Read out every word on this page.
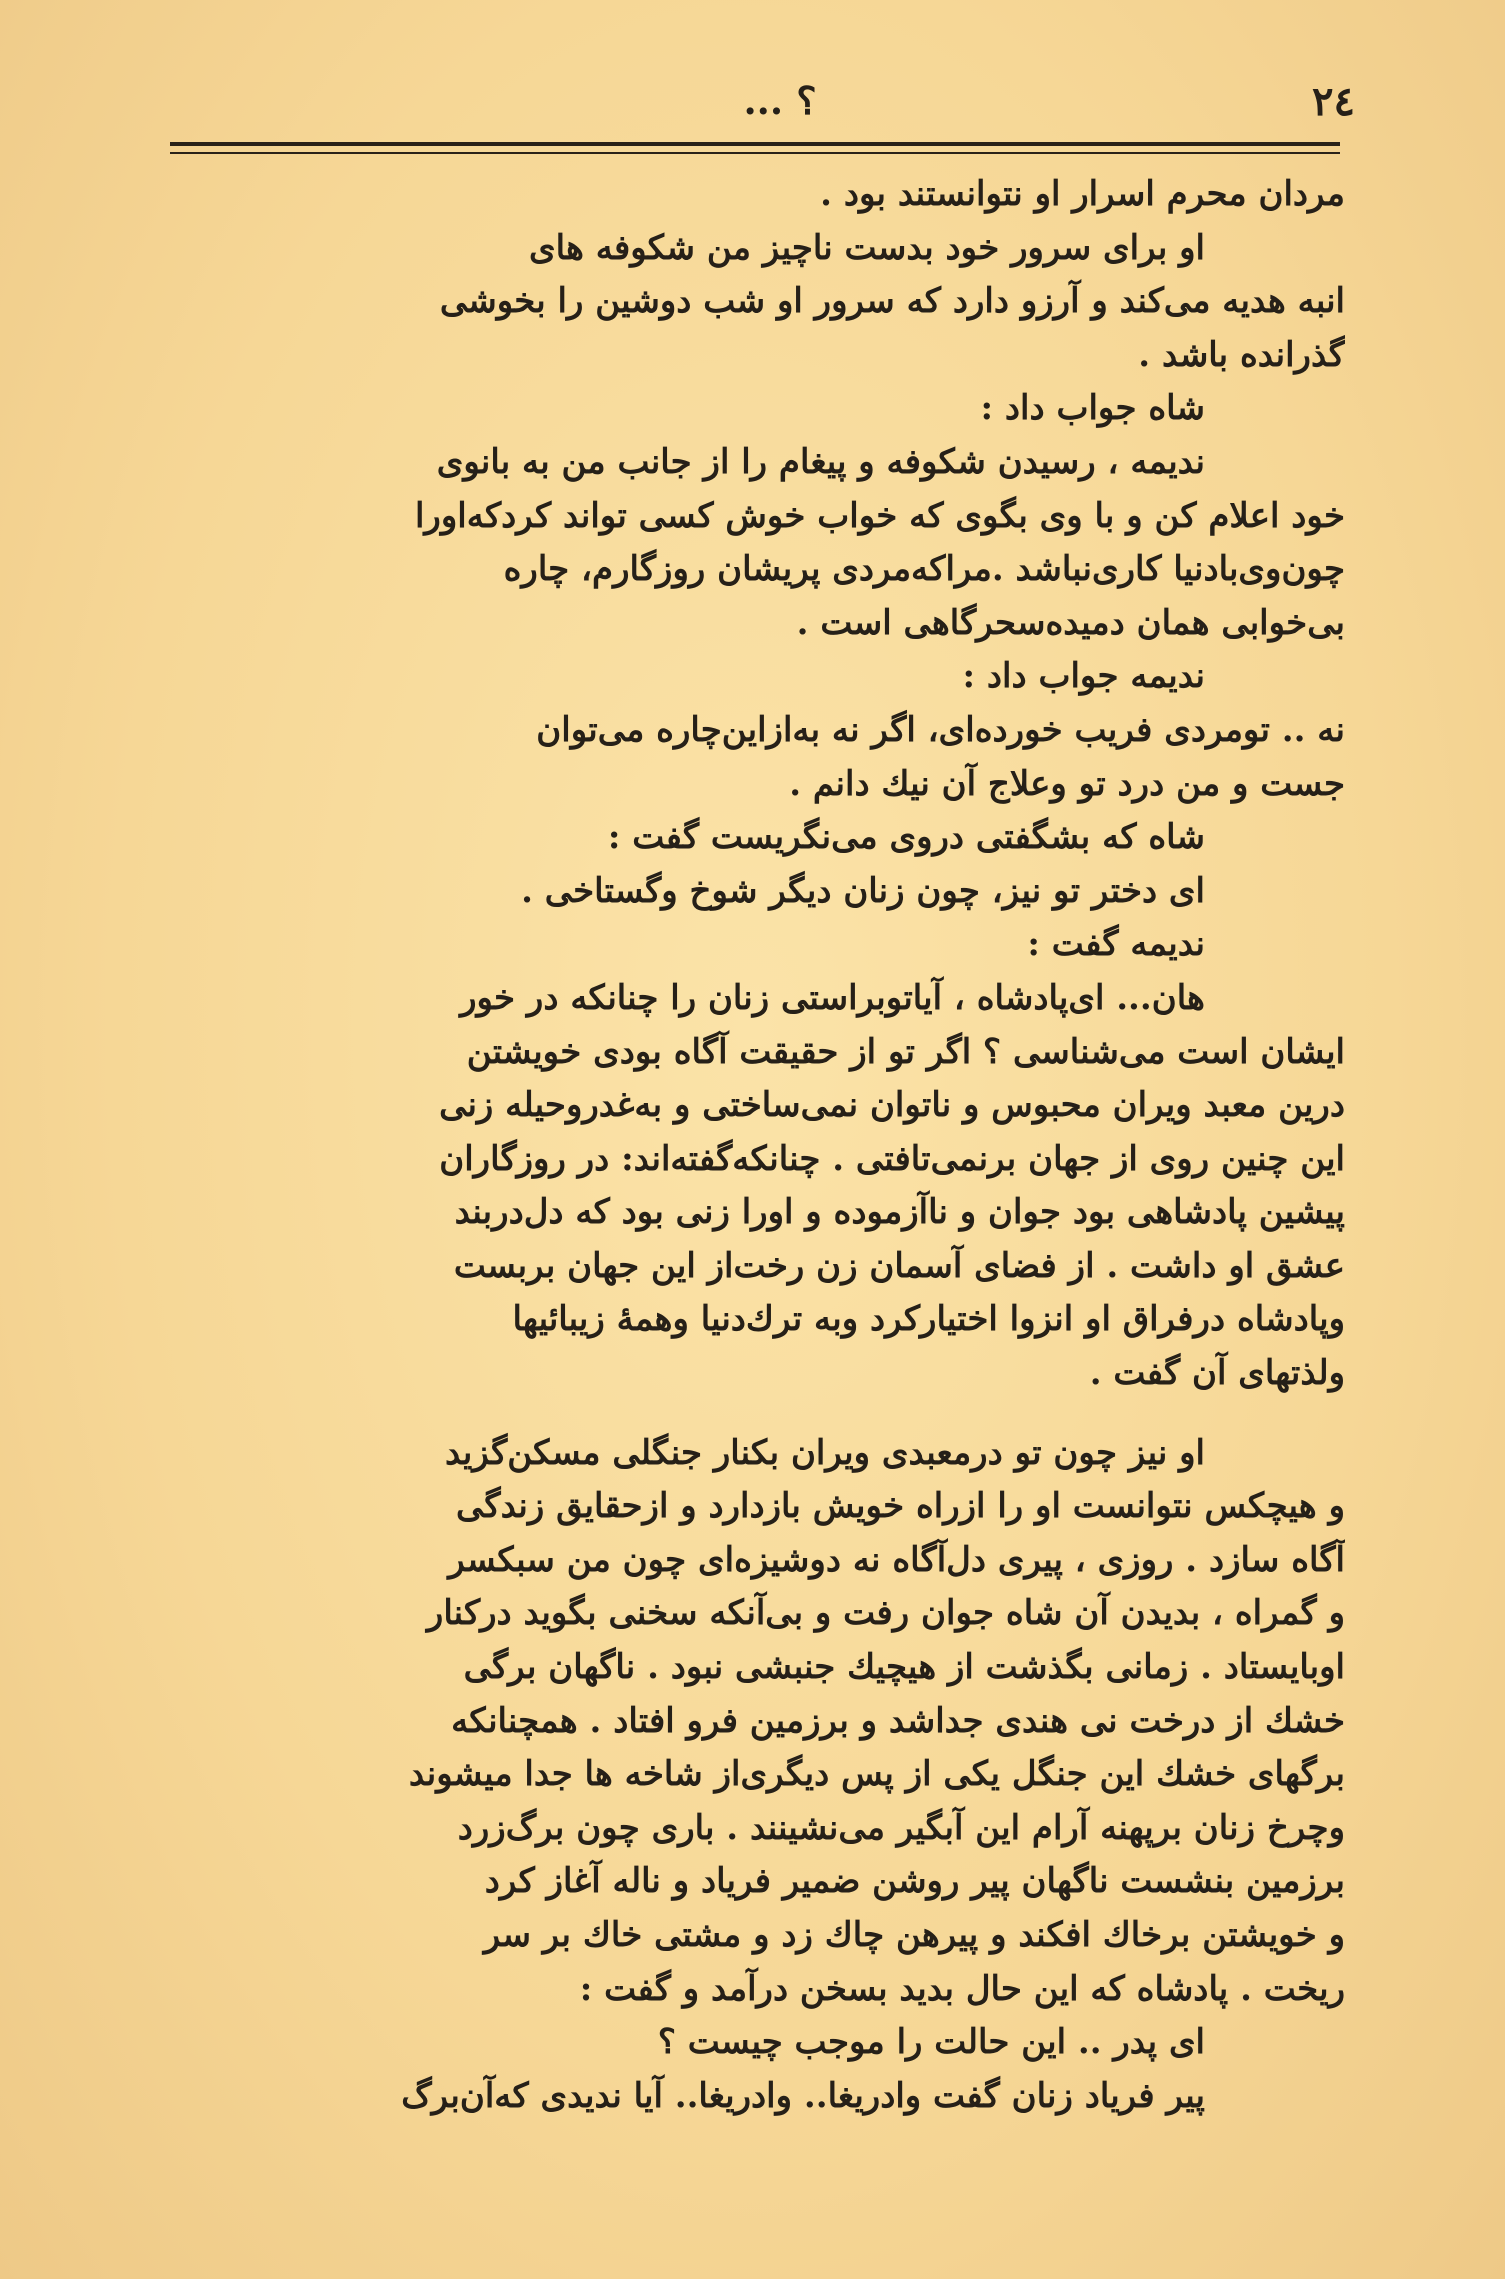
۲٤
؟ ...
مردان محرم اسرار او نتوانستند بود .
او برای سرور خود بدست ناچیز من شکوفه های
انبه هدیه می‌کند و آرزو دارد که سرور او شب دوشین را بخوشی
گذرانده باشد .
شاه جواب داد :
ندیمه ، رسیدن شکوفه و پیغام را از جانب من به بانوی
خود اعلام کن و با وی بگوی که خواب خوش کسی تواند کردکه‌اورا
چون‌وی‌بادنیا کاری‌نباشد .مراکه‌مردی پریشان روزگارم، چاره
بی‌خوابی همان دمیده‌سحرگاهی است .
ندیمه جواب داد :
نه .. تومردی فریب خورده‌ای، اگر نه به‌ازاین‌چاره می‌توان
جست و من درد تو وعلاج آن نیك دانم .
شاه که بشگفتی دروی می‌نگریست گفت :
ای دختر تو نیز، چون زنان دیگر شوخ وگستاخی .
ندیمه گفت :
هان... ای‌پادشاه ، آیاتوبراستی زنان را چنانکه در خور
ایشان است می‌شناسی ؟ اگر تو از حقیقت آگاه بودی خویشتن
درین معبد ویران محبوس و ناتوان نمی‌ساختی و به‌غدروحیله زنی
این چنین روی از جهان برنمی‌تافتی . چنانکه‌گفته‌اند: در روزگاران
پیشین پادشاهی بود جوان و ناآزموده و اورا زنی بود که دل‌دربند
عشق او داشت . از فضای آسمان زن رخت‌از این جهان بربست
وپادشاه درفراق او انزوا اختیارکرد وبه ترك‌دنیا وهمهٔ زیبائیها
ولذتهای آن گفت .
او نیز چون تو درمعبدی ویران بکنار جنگلی مسکن‌گزید
و هیچکس نتوانست او را ازراه خویش بازدارد و ازحقایق زندگی
آگاه سازد . روزی ، پیری دل‌آگاه نه دوشیزه‌ای چون من سبکسر
و گمراه ، بدیدن آن شاه جوان رفت و بی‌آنکه سخنی بگوید درکنار
اوبایستاد . زمانی بگذشت از هیچیك جنبشی نبود . ناگهان برگی
خشك از درخت نی هندی جداشد و برزمین فرو افتاد . همچنانکه
برگهای خشك این جنگل یکی از پس دیگری‌از شاخه ها جدا میشوند
وچرخ زنان برپهنه آرام این آبگیر می‌نشینند . باری چون برگ‌زرد
برزمین بنشست ناگهان پیر روشن ضمیر فریاد و ناله آغاز کرد
و خویشتن برخاك افکند و پیرهن چاك زد و مشتی خاك بر سر
ریخت . پادشاه که این حال بدید بسخن درآمد و گفت :
ای پدر .. این حالت را موجب چیست ؟
پیر فریاد زنان گفت وادریغا.. وادریغا.. آیا ندیدی که‌آن‌برگ
